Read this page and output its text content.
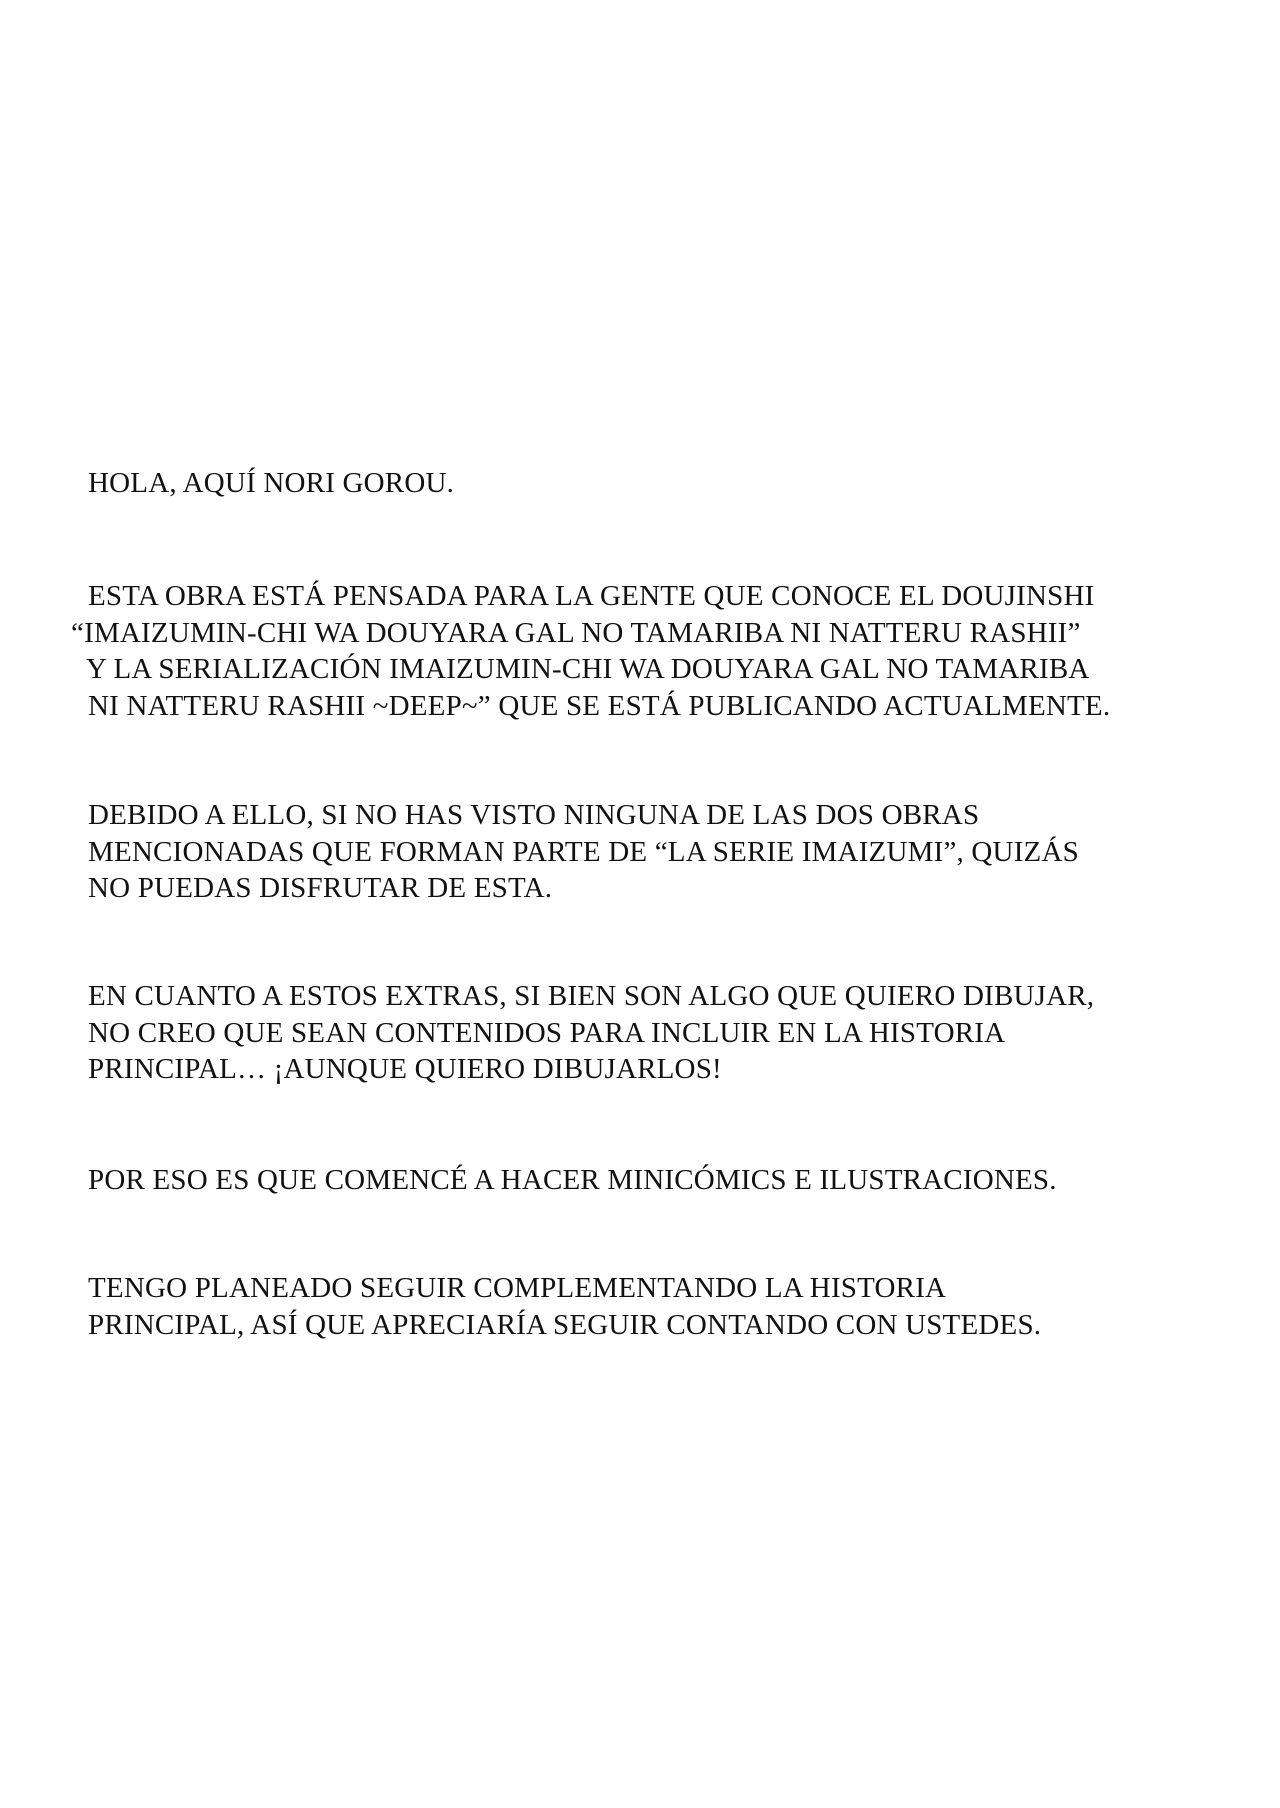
HOLA, AQUÍ NORI GOROU.
ESTA OBRA ESTÁ PENSADA PARA LA GENTE QUE CONOCE EL DOUJINSHI
“IMAIZUMIN-CHI WA DOUYARA GAL NO TAMARIBA NI NATTERU RASHII”
Y LA SERIALIZACIÓN IMAIZUMIN-CHI WA DOUYARA GAL NO TAMARIBA
NI NATTERU RASHII ~DEEP~” QUE SE ESTÁ PUBLICANDO ACTUALMENTE.
DEBIDO A ELLO, SI NO HAS VISTO NINGUNA DE LAS DOS OBRAS
MENCIONADAS QUE FORMAN PARTE DE “LA SERIE IMAIZUMI”, QUIZÁS
NO PUEDAS DISFRUTAR DE ESTA.
EN CUANTO A ESTOS EXTRAS, SI BIEN SON ALGO QUE QUIERO DIBUJAR,
NO CREO QUE SEAN CONTENIDOS PARA INCLUIR EN LA HISTORIA
PRINCIPAL… ¡AUNQUE QUIERO DIBUJARLOS!
POR ESO ES QUE COMENCÉ A HACER MINICÓMICS E ILUSTRACIONES.
TENGO PLANEADO SEGUIR COMPLEMENTANDO LA HISTORIA
PRINCIPAL, ASÍ QUE APRECIARÍA SEGUIR CONTANDO CON USTEDES.
